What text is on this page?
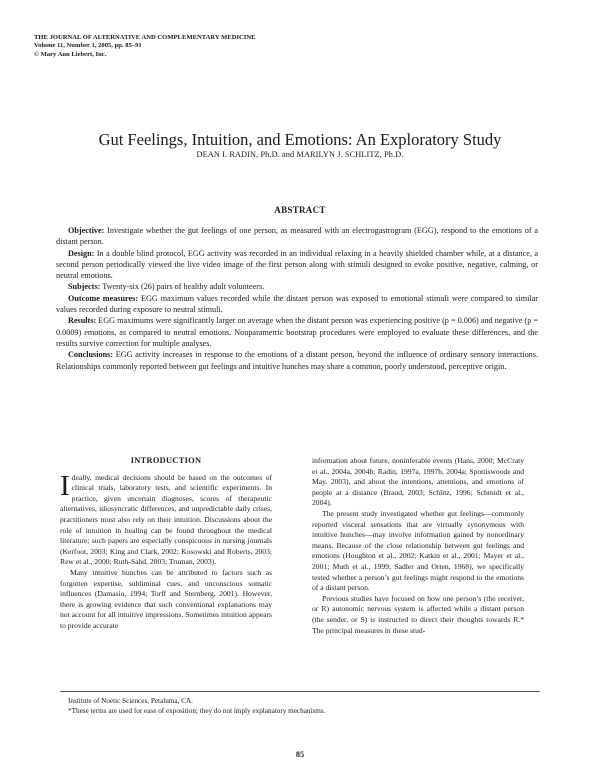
THE JOURNAL OF ALTERNATIVE AND COMPLEMENTARY MEDICINE
Volume 11, Number 1, 2005, pp. 85–91
© Mary Ann Liebert, Inc.
Gut Feelings, Intuition, and Emotions: An Exploratory Study
DEAN I. RADIN, Ph.D. and MARILYN J. SCHLITZ, Ph.D.
ABSTRACT

Objective: Investigate whether the gut feelings of one person, as measured with an electrogastrogram (EGG), respond to the emotions of a distant person.

Design: In a double blind protocol, EGG activity was recorded in an individual relaxing in a heavily shielded chamber while, at a distance, a second person periodically viewed the live video image of the first person along with stimuli designed to evoke positive, negative, calming, or neutral emotions.

Subjects: Twenty-six (26) pairs of healthy adult volunteers.

Outcome measures: EGG maximum values recorded while the distant person was exposed to emotional stimuli were compared to similar values recorded during exposure to neutral stimuli.

Results: EGG maximums were significantly larger on average when the distant person was experiencing positive (p = 0.006) and negative (p = 0.0009) emotions, as compared to neutral emotions. Nonparametric bootstrap procedures were employed to evaluate these differences, and the results survive correction for multiple analyses.

Conclusions: EGG activity increases in response to the emotions of a distant person, beyond the influence of ordinary sensory interactions. Relationships commonly reported between gut feelings and intuitive hunches may share a common, poorly understood, perceptive origin.

INTRODUCTION

Ideally, medical decisions should be based on the outcomes of clinical trials, laboratory tests, and scientific experiments. In practice, given uncertain diagnoses, scores of therapeutic alternatives, idiosyncratic differences, and unpredictable daily crises, practitioners must also rely on their intuition. Discussions about the role of intuition in healing can be found throughout the medical literature; such papers are especially conspicuous in nursing journals (Kerfoot, 2003; King and Clark, 2002; Kosowski and Roberts, 2003; Rew et al., 2000; Ruth-Sahd, 2003; Truman, 2003).

Many intuitive hunches can be attributed to factors such as forgotten expertise, subliminal cues, and unconscious somatic influences (Damasio, 1994; Torff and Sternberg, 2001). However, there is growing evidence that such conventional explanations may not account for all intuitive impressions. Sometimes intuition appears to provide accurate

information about future, noninferable events (Hans, 2000; McCraty et al., 2004a, 2004b; Radin, 1997a, 1997b, 2004a; Spottiswoode and May, 2003), and about the intentions, attentions, and emotions of people at a distance (Braud, 2003; Schlitz, 1996; Schmidt et al., 2004).

The present study investigated whether gut feelings—commonly reported visceral sensations that are virtually synonymous with intuitive hunches—may involve information gained by nonordinary means. Because of the close relationship between gut feelings and emotions (Houghton et al., 2002; Katkin et al., 2001; Mayer et al., 2001; Muth et al., 1999; Sadler and Orten, 1968), we specifically tested whether a person’s gut feelings might respond to the emotions of a distant person.

Previous studies have focused on how one person’s (the receiver, or R) autonomic nervous system is affected while a distant person (the sender, or S) is instructed to direct their thoughts towards R.* The principal measures in these stud-

Institute of Noetic Sciences, Petaluma, CA.
*These terms are used for ease of exposition; they do not imply explanatory mechanisms.
85
